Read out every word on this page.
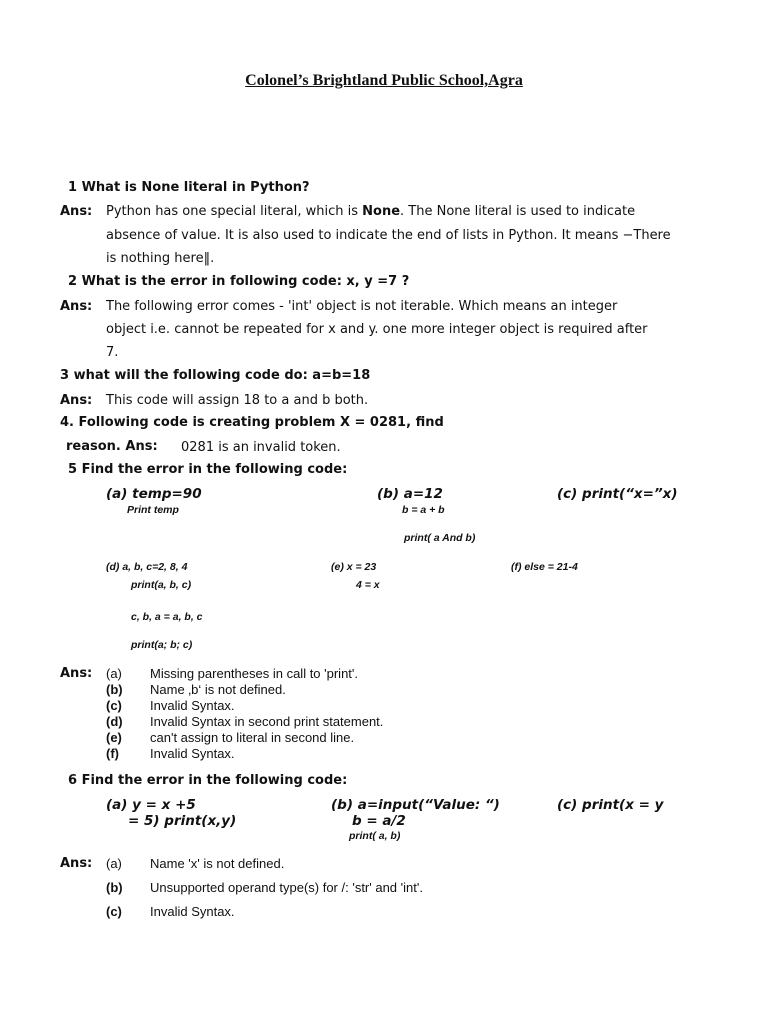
Colonel’s Brightland Public School,Agra
1 What is None literal in Python?
Ans: Python has one special literal, which is None. The None literal is used to indicate
absence of value. It is also used to indicate the end of lists in Python. It means −There
is nothing here‖.
2 What is the error in following code: x, y =7 ?
Ans: The following error comes - 'int' object is not iterable. Which means an integer
object i.e. cannot be repeated for x and y. one more integer object is required after
7.
3 what will the following code do: a=b=18
Ans: This code will assign 18 to a and b both.
4. Following code is creating problem X = 0281, find
reason. Ans: 0281 is an invalid token.
5 Find the error in the following code:
(a) temp=90
Print temp
(b) a=12
b = a + b
print( a And b)
(c) print(“x=”x)
(d) a, b, c=2, 8, 4
print(a, b, c)
c, b, a = a, b, c
print(a; b; c)
(e) x = 23
4 = x
(f) else = 21-4
Ans: (a) Missing parentheses in call to 'print'.
(b) Name ‚b‘ is not defined.
(c) Invalid Syntax.
(d) Invalid Syntax in second print statement.
(e) can't assign to literal in second line.
(f) Invalid Syntax.
6 Find the error in the following code:
(a) y = x +5
= 5) print(x,y)
(b) a=input(“Value: “)
b = a/2
print( a, b)
(c) print(x = y
Ans: (a) Name 'x' is not defined.
(b) Unsupported operand type(s) for /: 'str' and 'int'.
(c) Invalid Syntax.
